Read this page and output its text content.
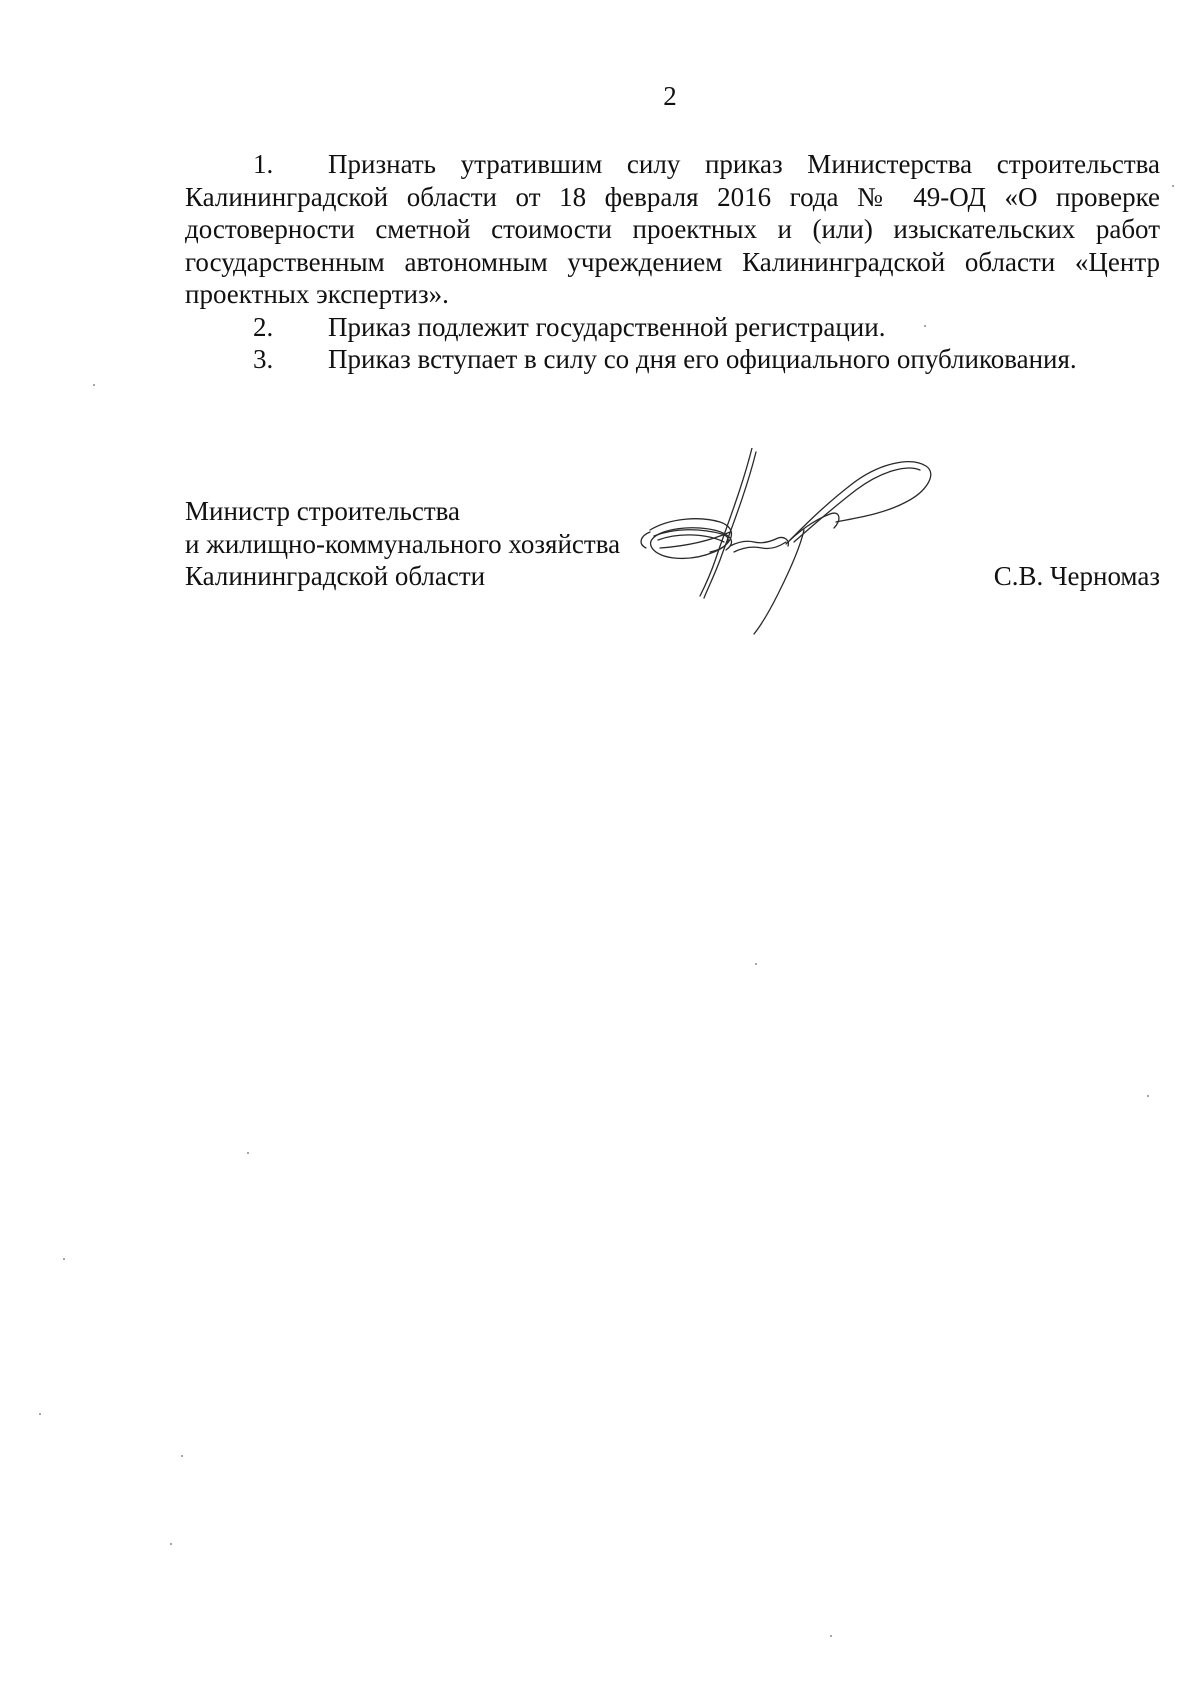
2

1. Признать утратившим силу приказ Министерства строительства Калининградской области от 18 февраля 2016 года № 49-ОД «О проверке достоверности сметной стоимости проектных и (или) изыскательских работ государственным автономным учреждением Калининградской области «Центр проектных экспертиз».

2. Приказ подлежит государственной регистрации.

3. Приказ вступает в силу со дня его официального опубликования.

Министр строительства
и жилищно-коммунального хозяйства
Калининградской области	С.В. Черномаз
